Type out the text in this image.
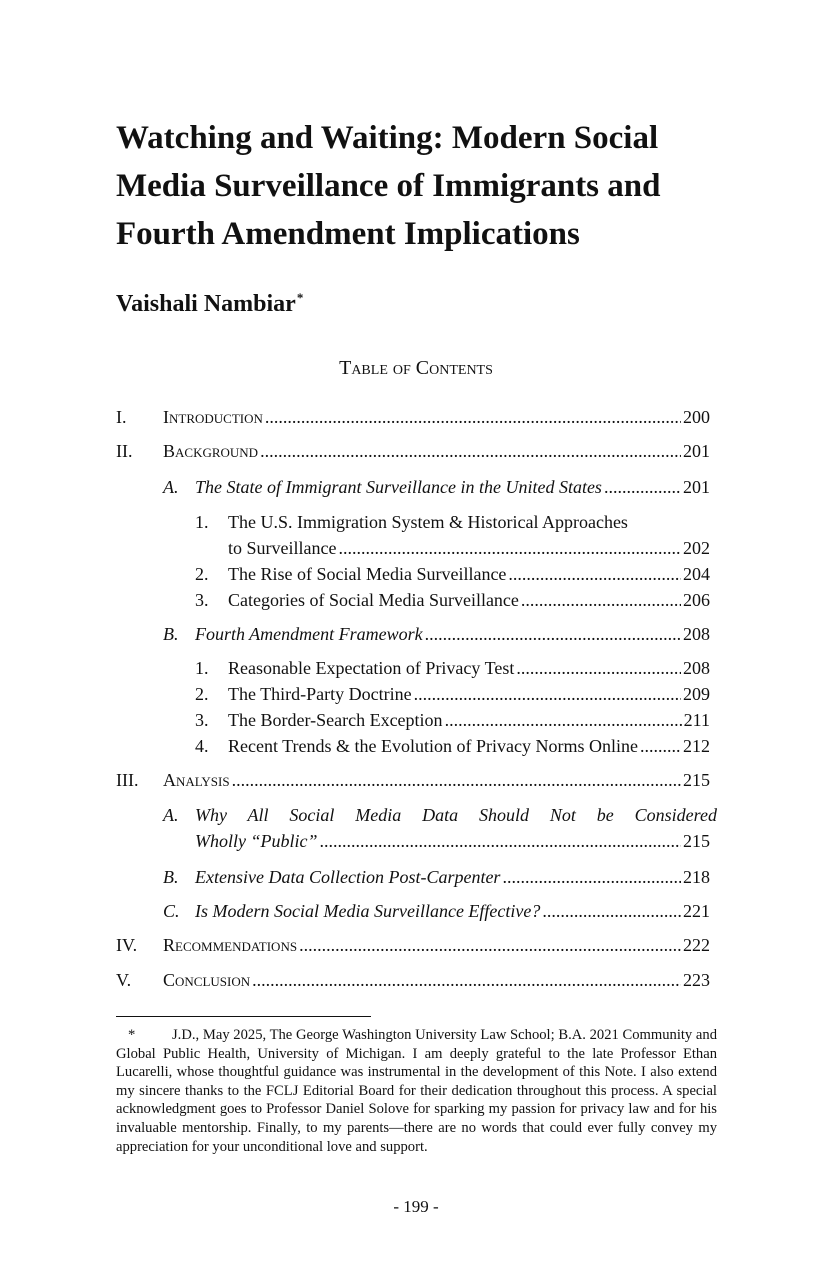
Watching and Waiting: Modern Social
Media Surveillance of Immigrants and
Fourth Amendment Implications
Vaishali Nambiar*
Table of Contents
I. Introduction .....	200
II. Background .....	201
A. The State of Immigrant Surveillance in the United States .....	201
1. The U.S. Immigration System & Historical Approaches
to Surveillance .....	202
2. The Rise of Social Media Surveillance .....	204
3. Categories of Social Media Surveillance .....	206
B. Fourth Amendment Framework .....	208
1. Reasonable Expectation of Privacy Test .....	208
2. The Third-Party Doctrine .....	209
3. The Border-Search Exception .....	211
4. Recent Trends & the Evolution of Privacy Norms Online .....	212
III. Analysis .....	215
A. Why All Social Media Data Should Not be Considered
Wholly “Public” .....	215
B. Extensive Data Collection Post-Carpenter .....	218
C. Is Modern Social Media Surveillance Effective? .....	221
IV. Recommendations .....	222
V. Conclusion .....	223

*	J.D., May 2025, The George Washington University Law School; B.A. 2021 Community and Global Public Health, University of Michigan. I am deeply grateful to the late Professor Ethan Lucarelli, whose thoughtful guidance was instrumental in the development of this Note. I also extend my sincere thanks to the FCLJ Editorial Board for their dedication throughout this process. A special acknowledgment goes to Professor Daniel Solove for sparking my passion for privacy law and for his invaluable mentorship. Finally, to my parents—there are no words that could ever fully convey my appreciation for your unconditional love and support.

- 199 -
